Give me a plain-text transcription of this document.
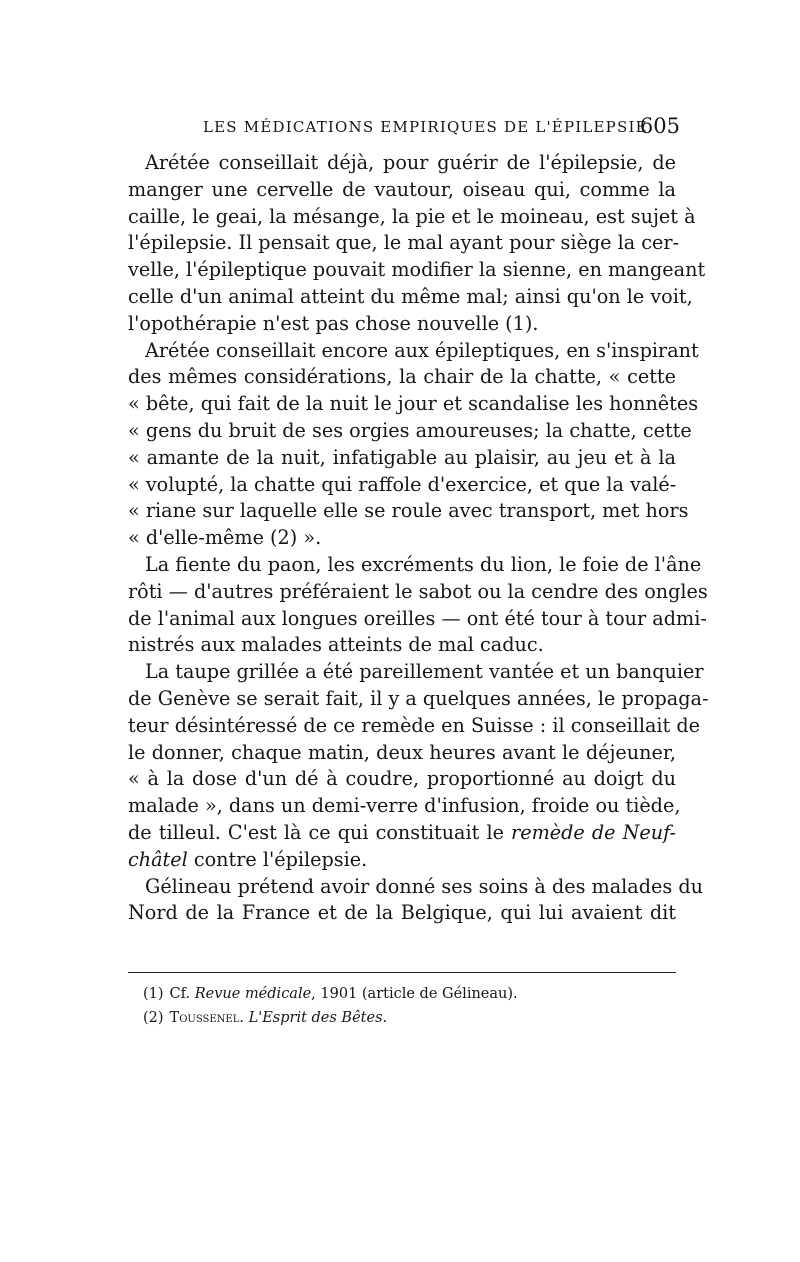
LES MÉDICATIONS EMPIRIQUES DE L'ÉPILEPSIE
605
Arétée conseillait déjà, pour guérir de l'épilepsie, de
manger une cervelle de vautour, oiseau qui, comme la
caille, le geai, la mésange, la pie et le moineau, est sujet à
l'épilepsie. Il pensait que, le mal ayant pour siège la cer-
velle, l'épileptique pouvait modifier la sienne, en mangeant
celle d'un animal atteint du même mal; ainsi qu'on le voit,
l'opothérapie n'est pas chose nouvelle (1).
Arétée conseillait encore aux épileptiques, en s'inspirant
des mêmes considérations, la chair de la chatte, « cette
« bête, qui fait de la nuit le jour et scandalise les honnêtes
« gens du bruit de ses orgies amoureuses; la chatte, cette
« amante de la nuit, infatigable au plaisir, au jeu et à la
« volupté, la chatte qui raffole d'exercice, et que la valé-
« riane sur laquelle elle se roule avec transport, met hors
« d'elle-même (2) ».
La fiente du paon, les excréments du lion, le foie de l'âne
rôti — d'autres préféraient le sabot ou la cendre des ongles
de l'animal aux longues oreilles — ont été tour à tour admi-
nistrés aux malades atteints de mal caduc.
La taupe grillée a été pareillement vantée et un banquier
de Genève se serait fait, il y a quelques années, le propaga-
teur désintéressé de ce remède en Suisse : il conseillait de
le donner, chaque matin, deux heures avant le déjeuner,
« à la dose d'un dé à coudre, proportionné au doigt du
malade », dans un demi-verre d'infusion, froide ou tiède,
de tilleul. C'est là ce qui constituait le remède de Neuf-
châtel contre l'épilepsie.
Gélineau prétend avoir donné ses soins à des malades du
Nord de la France et de la Belgique, qui lui avaient dit
(1) Cf. Revue médicale, 1901 (article de Gélineau).
(2) Toussenel. L'Esprit des Bêtes.
